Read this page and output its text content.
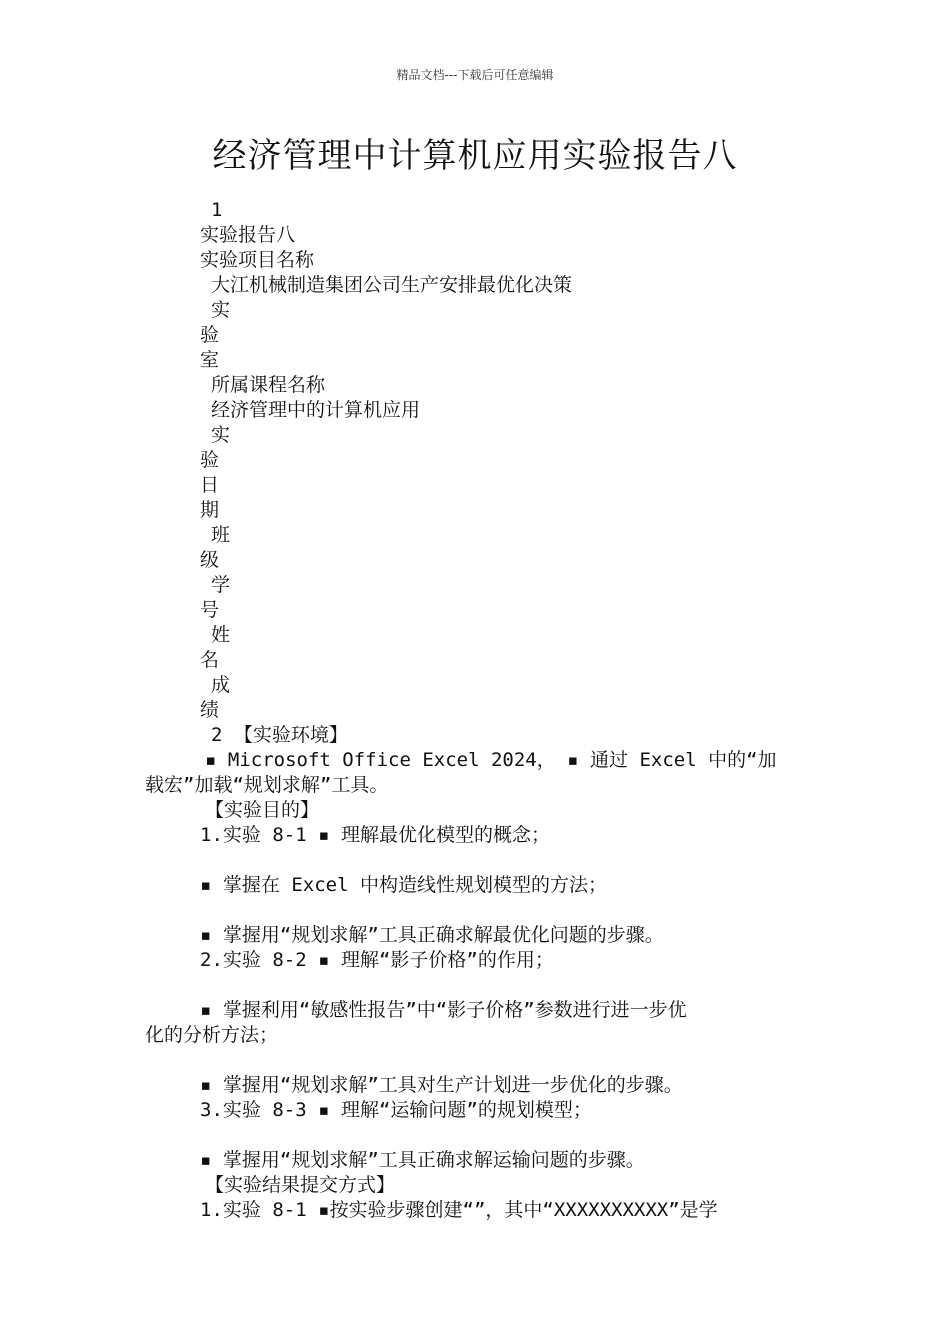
精品文档---下载后可任意编辑
经济管理中计算机应用实验报告八
1
实验报告八
实验项目名称
大江机械制造集团公司生产安排最优化决策
实
验
室
所属课程名称
经济管理中的计算机应用
实
验
日
期
班
级
学
号
姓
名
成
绩
2 【实验环境】
▪ Microsoft Office Excel 2024， ▪ 通过 Excel 中的“加
载宏”加载“规划求解”工具。
【实验目的】
1.实验 8-1 ▪ 理解最优化模型的概念；
▪ 掌握在 Excel 中构造线性规划模型的方法；
▪ 掌握用“规划求解”工具正确求解最优化问题的步骤。
2.实验 8-2 ▪ 理解“影子价格”的作用；
▪ 掌握利用“敏感性报告”中“影子价格”参数进行进一步优
化的分析方法；
▪ 掌握用“规划求解”工具对生产计划进一步优化的步骤。
3.实验 8-3 ▪ 理解“运输问题”的规划模型；
▪ 掌握用“规划求解”工具正确求解运输问题的步骤。
【实验结果提交方式】
1.实验 8-1 ▪按实验步骤创建“”，其中“XXXXXXXXXX”是学
